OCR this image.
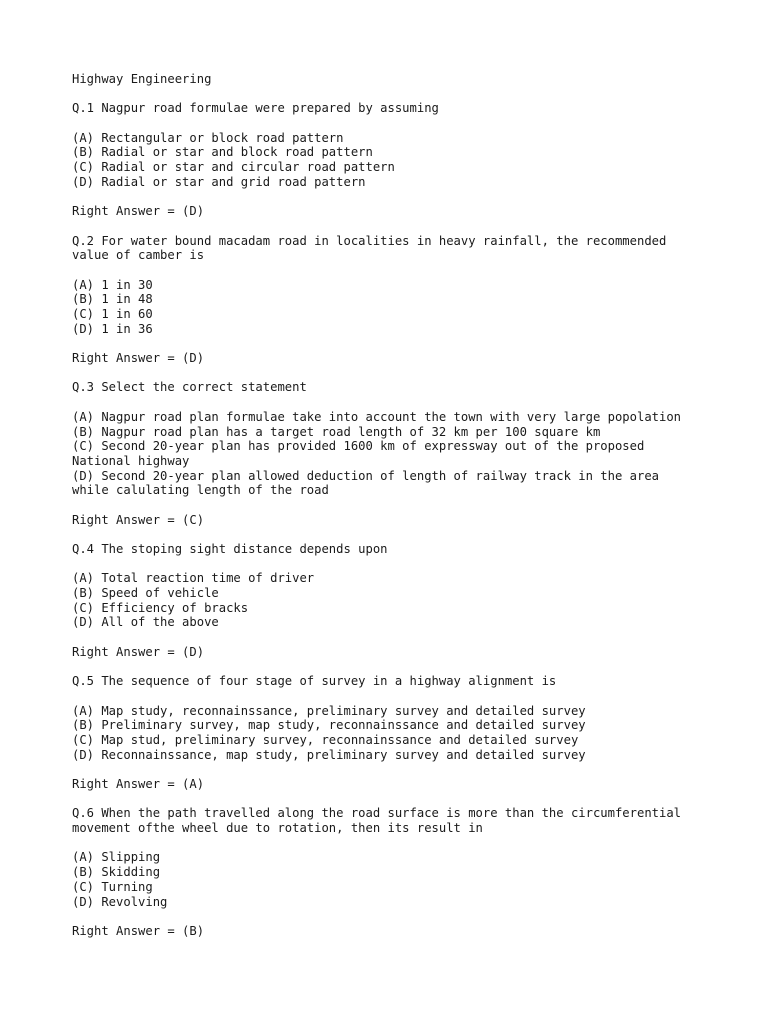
Highway Engineering
Q.1 Nagpur road formulae were prepared by assuming
(A) Rectangular or block road pattern
(B) Radial or star and block road pattern
(C) Radial or star and circular road pattern
(D) Radial or star and grid road pattern
Right Answer = (D)
Q.2 For water bound macadam road in localities in heavy rainfall, the recommended
value of camber is
(A) 1 in 30
(B) 1 in 48
(C) 1 in 60
(D) 1 in 36
Right Answer = (D)
Q.3 Select the correct statement
(A) Nagpur road plan formulae take into account the town with very large popolation
(B) Nagpur road plan has a target road length of 32 km per 100 square km
(C) Second 20-year plan has provided 1600 km of expressway out of the proposed
National highway
(D) Second 20-year plan allowed deduction of length of railway track in the area
while calulating length of the road
Right Answer = (C)
Q.4 The stoping sight distance depends upon
(A) Total reaction time of driver
(B) Speed of vehicle
(C) Efficiency of bracks
(D) All of the above
Right Answer = (D)
Q.5 The sequence of four stage of survey in a highway alignment is
(A) Map study, reconnainssance, preliminary survey and detailed survey
(B) Preliminary survey, map study, reconnainssance and detailed survey
(C) Map stud, preliminary survey, reconnainssance and detailed survey
(D) Reconnainssance, map study, preliminary survey and detailed survey
Right Answer = (A)
Q.6 When the path travelled along the road surface is more than the circumferential
movement ofthe wheel due to rotation, then its result in
(A) Slipping
(B) Skidding
(C) Turning
(D) Revolving
Right Answer = (B)
